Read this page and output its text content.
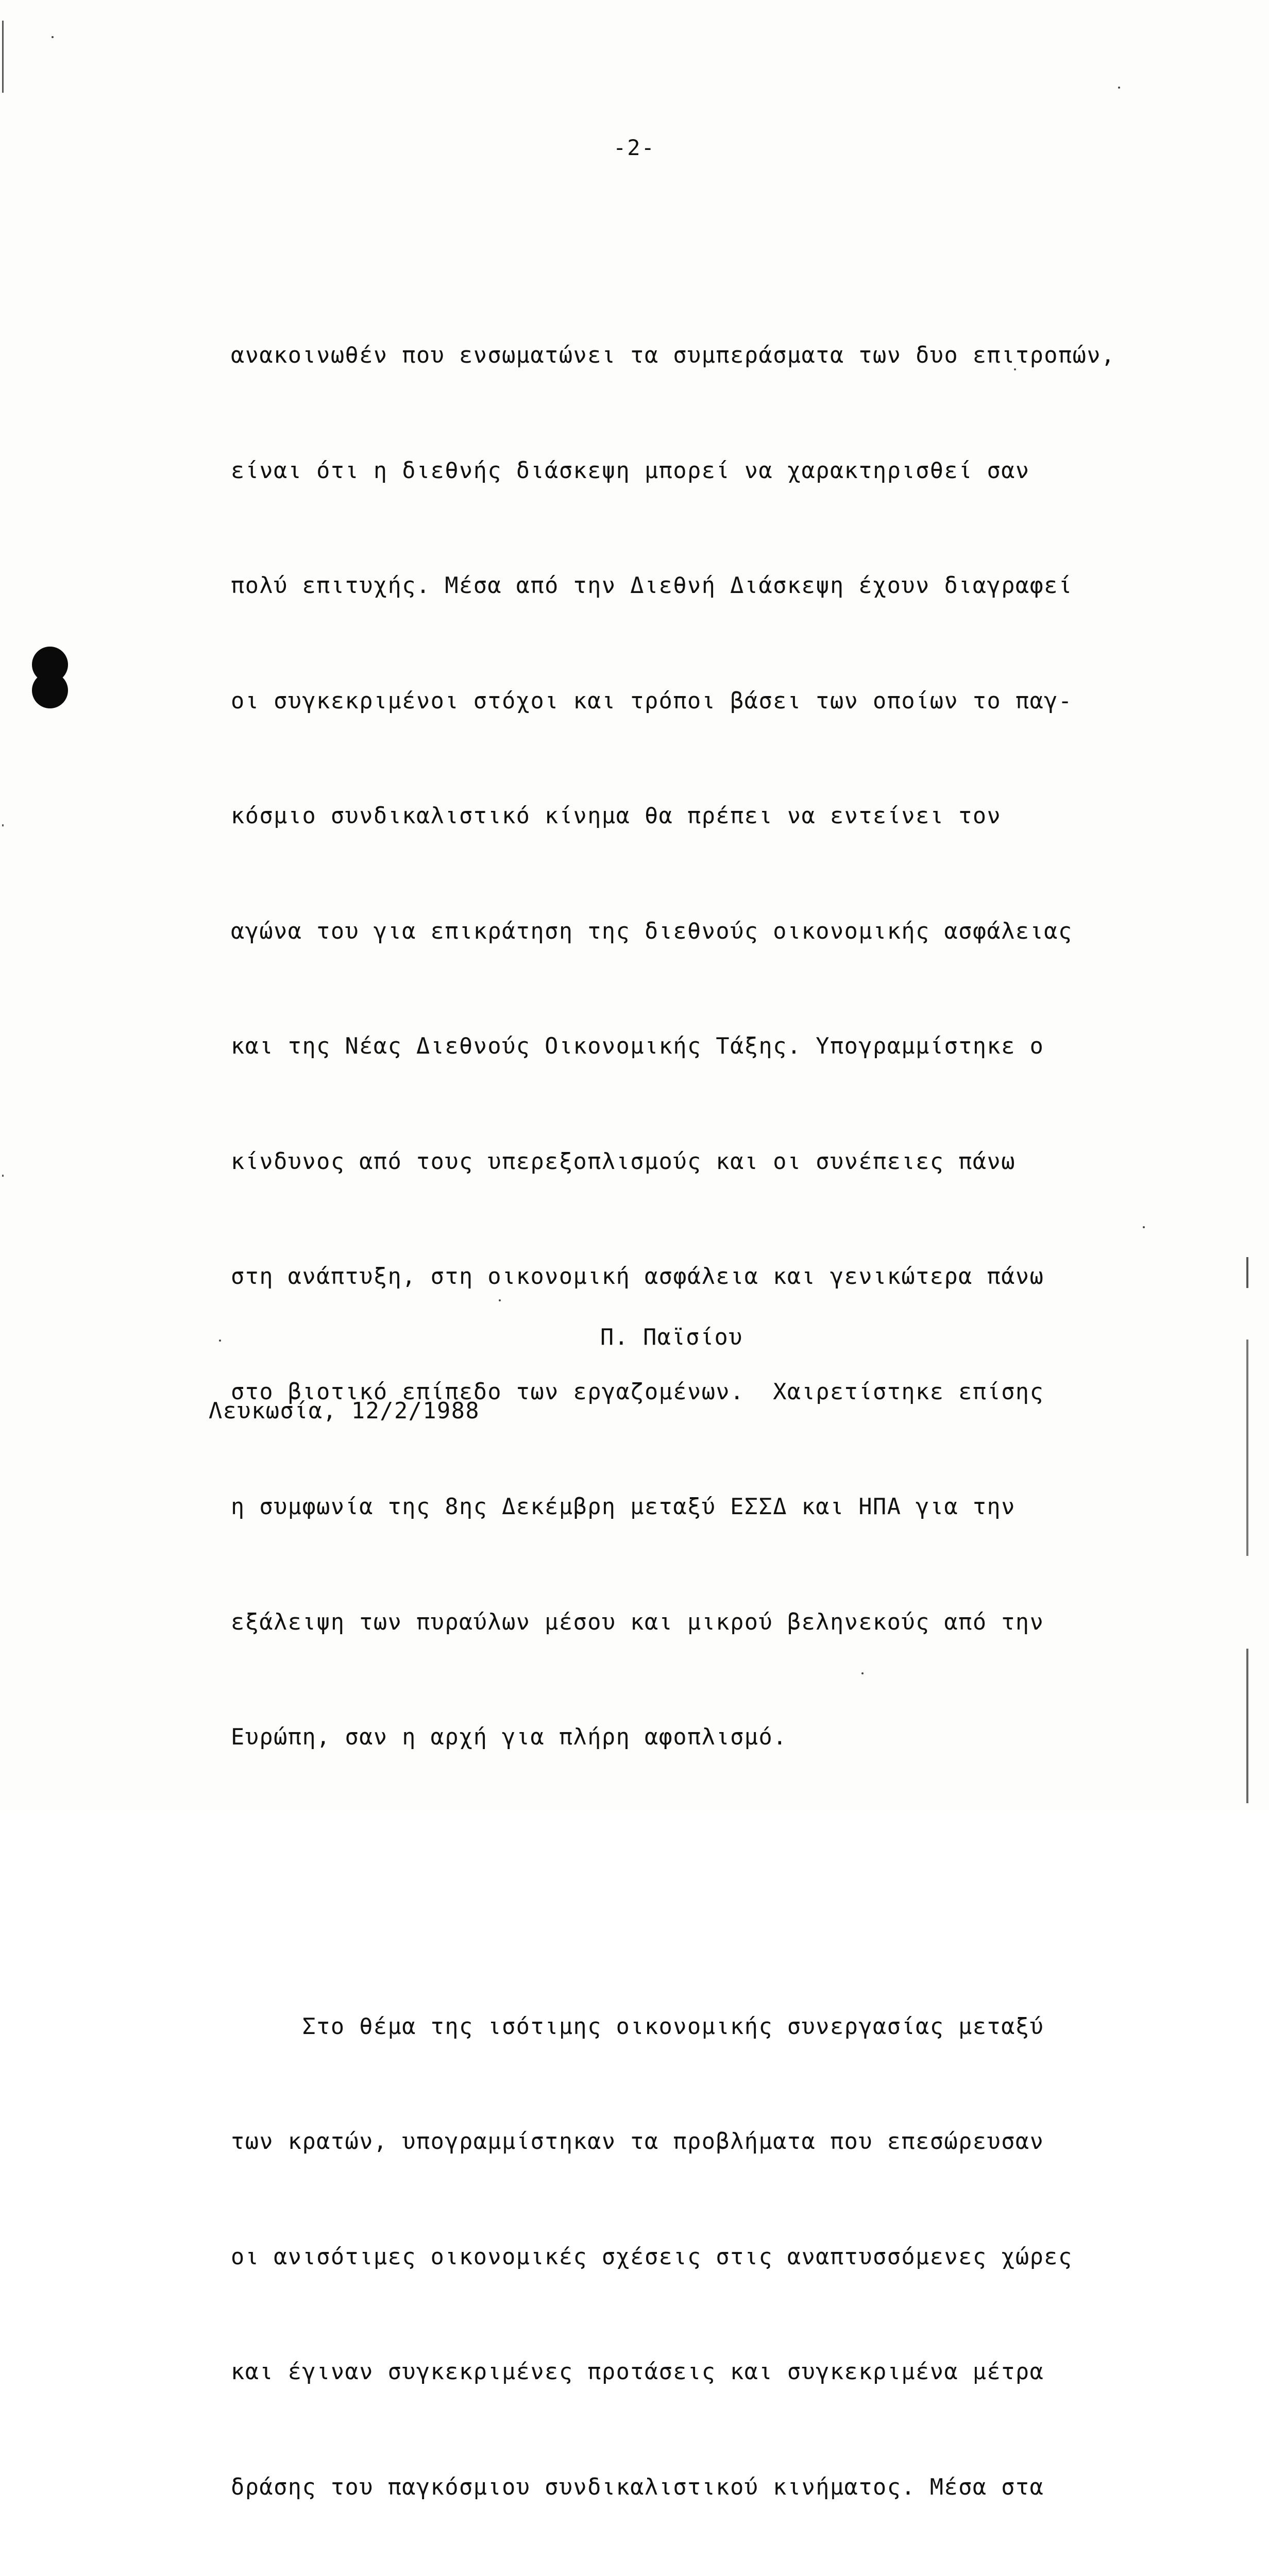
-2-

ανακοινωθέν που ενσωματώνει τα συμπεράσματα των δυο επιτροπών,

είναι ότι η διεθνής διάσκεψη μπορεί να χαρακτηρισθεί σαν

πολύ επιτυχής. Μέσα από την Διεθνή Διάσκεψη έχουν διαγραφεί

οι συγκεκριμένοι στόχοι και τρόποι βάσει των οποίων το παγ-

κόσμιο συνδικαλιστικό κίνημα θα πρέπει να εντείνει τον

αγώνα του για επικράτηση της διεθνούς οικονομικής ασφάλειας

και της Νέας Διεθνούς Οικονομικής Τάξης. Υπογραμμίστηκε ο

κίνδυνος από τους υπερεξοπλισμούς και οι συνέπειες πάνω

στη ανάπτυξη, στη οικονομική ασφάλεια και γενικώτερα πάνω

στο βιοτικό επίπεδο των εργαζομένων.  Χαιρετίστηκε επίσης

η συμφωνία της 8ης Δεκέμβρη μεταξύ ΕΣΣΔ και ΗΠΑ για την

εξάλειψη των πυραύλων μέσου και μικρού βεληνεκούς από την

Ευρώπη, σαν η αρχή για πλήρη αφοπλισμό.

Στο θέμα της ισότιμης οικονομικής συνεργασίας μεταξύ

των κρατών, υπογραμμίστηκαν τα προβλήματα που επεσώρευσαν

οι ανισότιμες οικονομικές σχέσεις στις αναπτυσσόμενες χώρες

και έγιναν συγκεκριμένες προτάσεις και συγκεκριμένα μέτρα

δράσης του παγκόσμιου συνδικαλιστικού κινήματος. Μέσα στα

Π. Παϊσίου
Λευκωσία, 12/2/1988
